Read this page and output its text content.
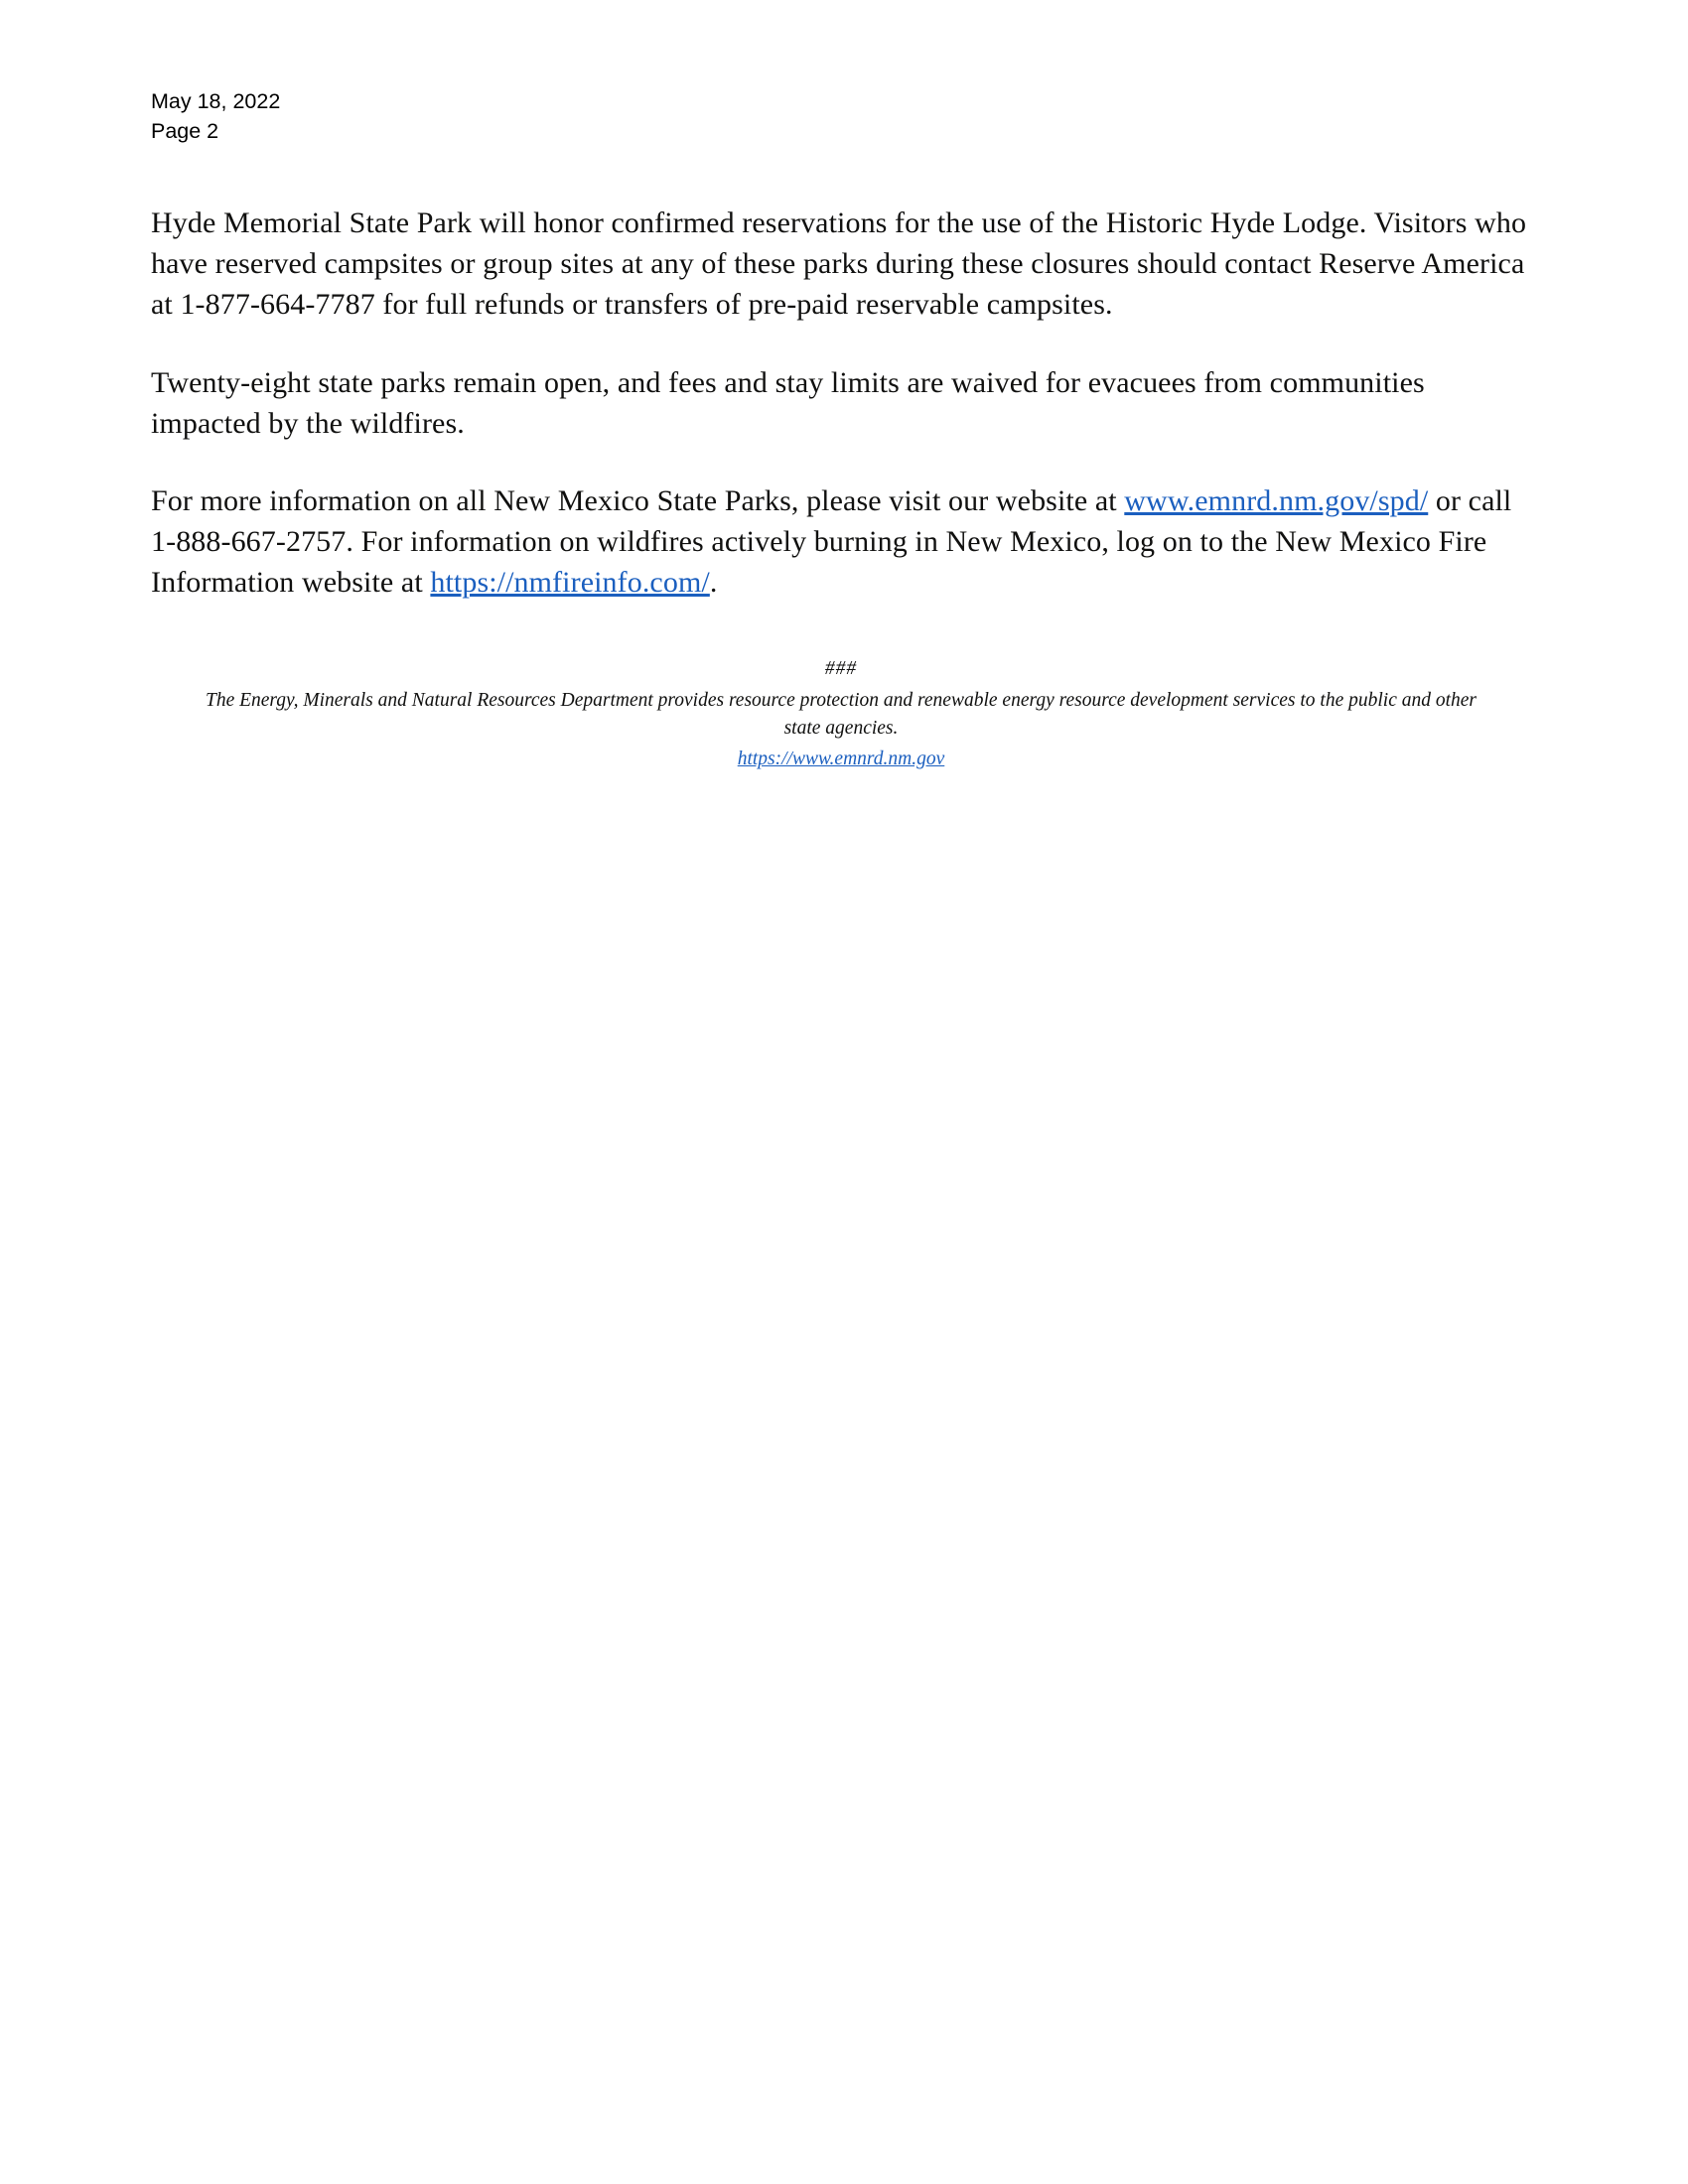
May 18, 2022
Page 2

Hyde Memorial State Park will honor confirmed reservations for the use of the Historic Hyde Lodge. Visitors who have reserved campsites or group sites at any of these parks during these closures should contact Reserve America at 1-877-664-7787 for full refunds or transfers of pre-paid reservable campsites.

Twenty-eight state parks remain open, and fees and stay limits are waived for evacuees from communities impacted by the wildfires.

For more information on all New Mexico State Parks, please visit our website at www.emnrd.nm.gov/spd/ or call 1-888-667-2757. For information on wildfires actively burning in New Mexico, log on to the New Mexico Fire Information website at https://nmfireinfo.com/.

###
The Energy, Minerals and Natural Resources Department provides resource protection and renewable energy resource development services to the public and other state agencies.
https://www.emnrd.nm.gov
